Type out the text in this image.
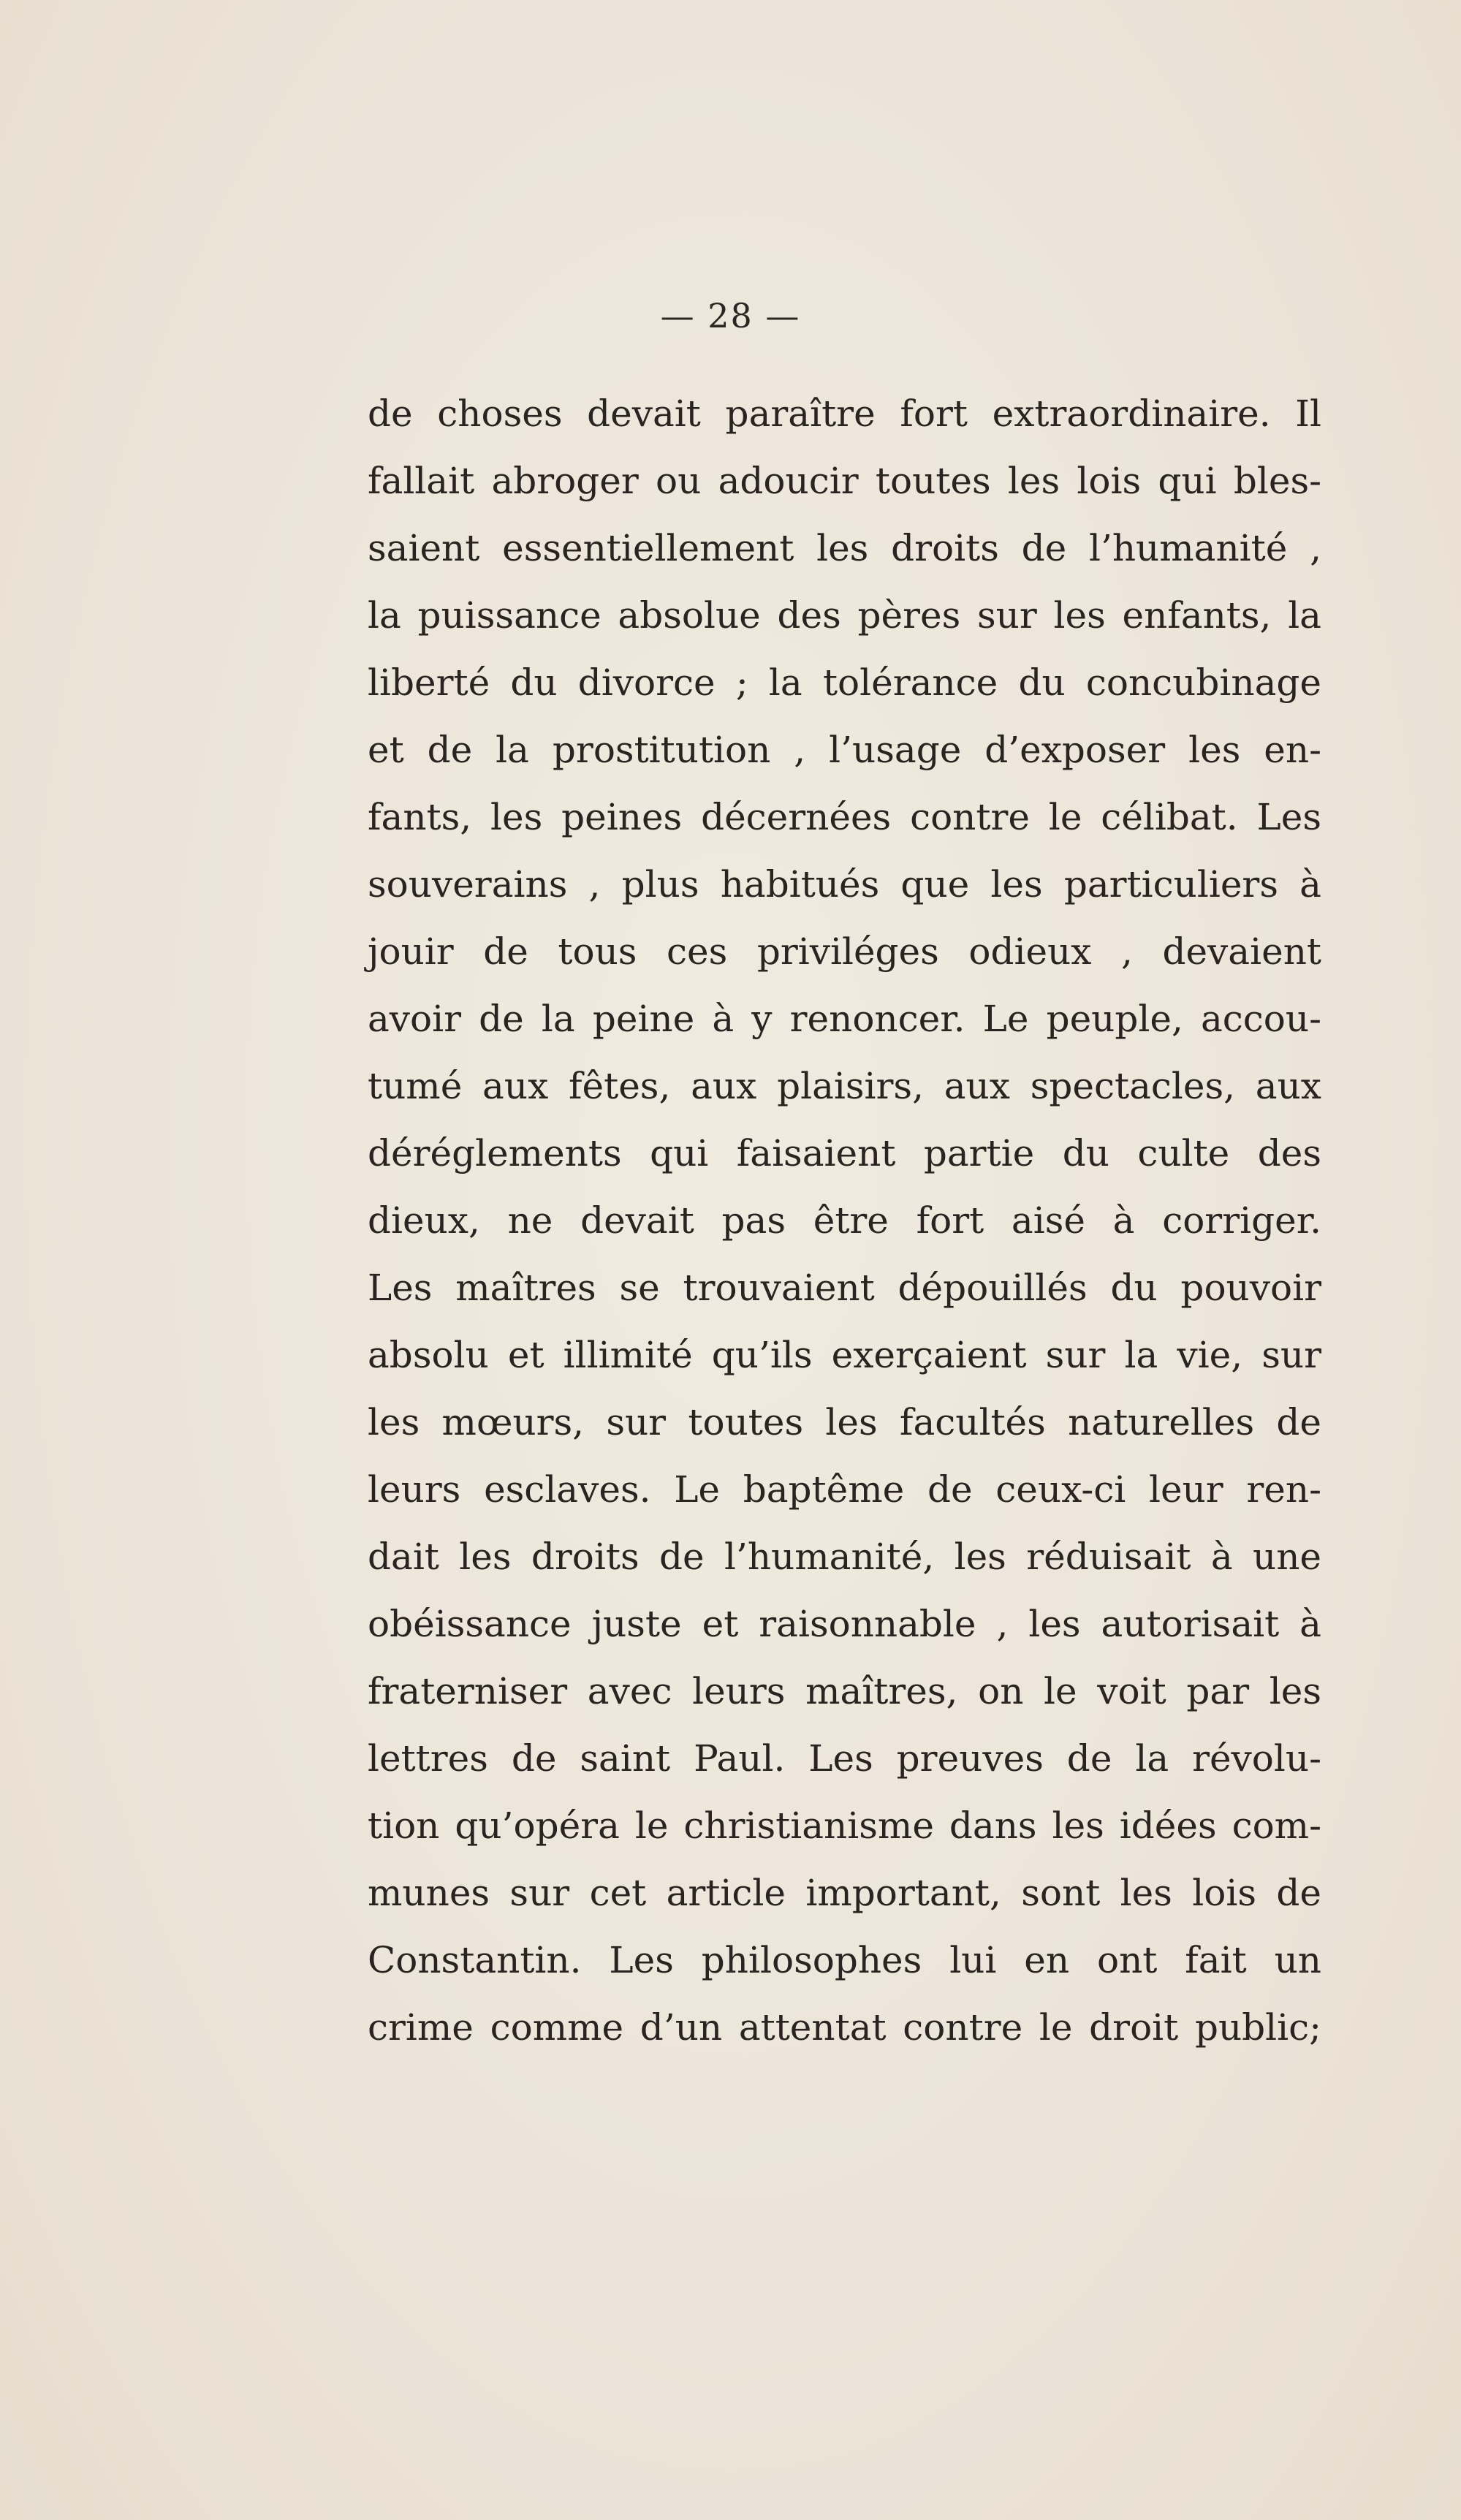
— 28 —
de choses devait paraître fort extraordinaire. Il
fallait abroger ou adoucir toutes les lois qui bles-
saient essentiellement les droits de l’humanité ,
la puissance absolue des pères sur les enfants, la
liberté du divorce ; la tolérance du concubinage
et de la prostitution , l’usage d’exposer les en-
fants, les peines décernées contre le célibat. Les
souverains , plus habitués que les particuliers à
jouir de tous ces priviléges odieux , devaient
avoir de la peine à y renoncer. Le peuple, accou-
tumé aux fêtes, aux plaisirs, aux spectacles, aux
déréglements qui faisaient partie du culte des
dieux, ne devait pas être fort aisé à corriger.
Les maîtres se trouvaient dépouillés du pouvoir
absolu et illimité qu’ils exerçaient sur la vie, sur
les mœurs, sur toutes les facultés naturelles de
leurs esclaves. Le baptême de ceux-ci leur ren-
dait les droits de l’humanité, les réduisait à une
obéissance juste et raisonnable , les autorisait à
fraterniser avec leurs maîtres, on le voit par les
lettres de saint Paul. Les preuves de la révolu-
tion qu’opéra le christianisme dans les idées com-
munes sur cet article important, sont les lois de
Constantin. Les philosophes lui en ont fait un
crime comme d’un attentat contre le droit public;
